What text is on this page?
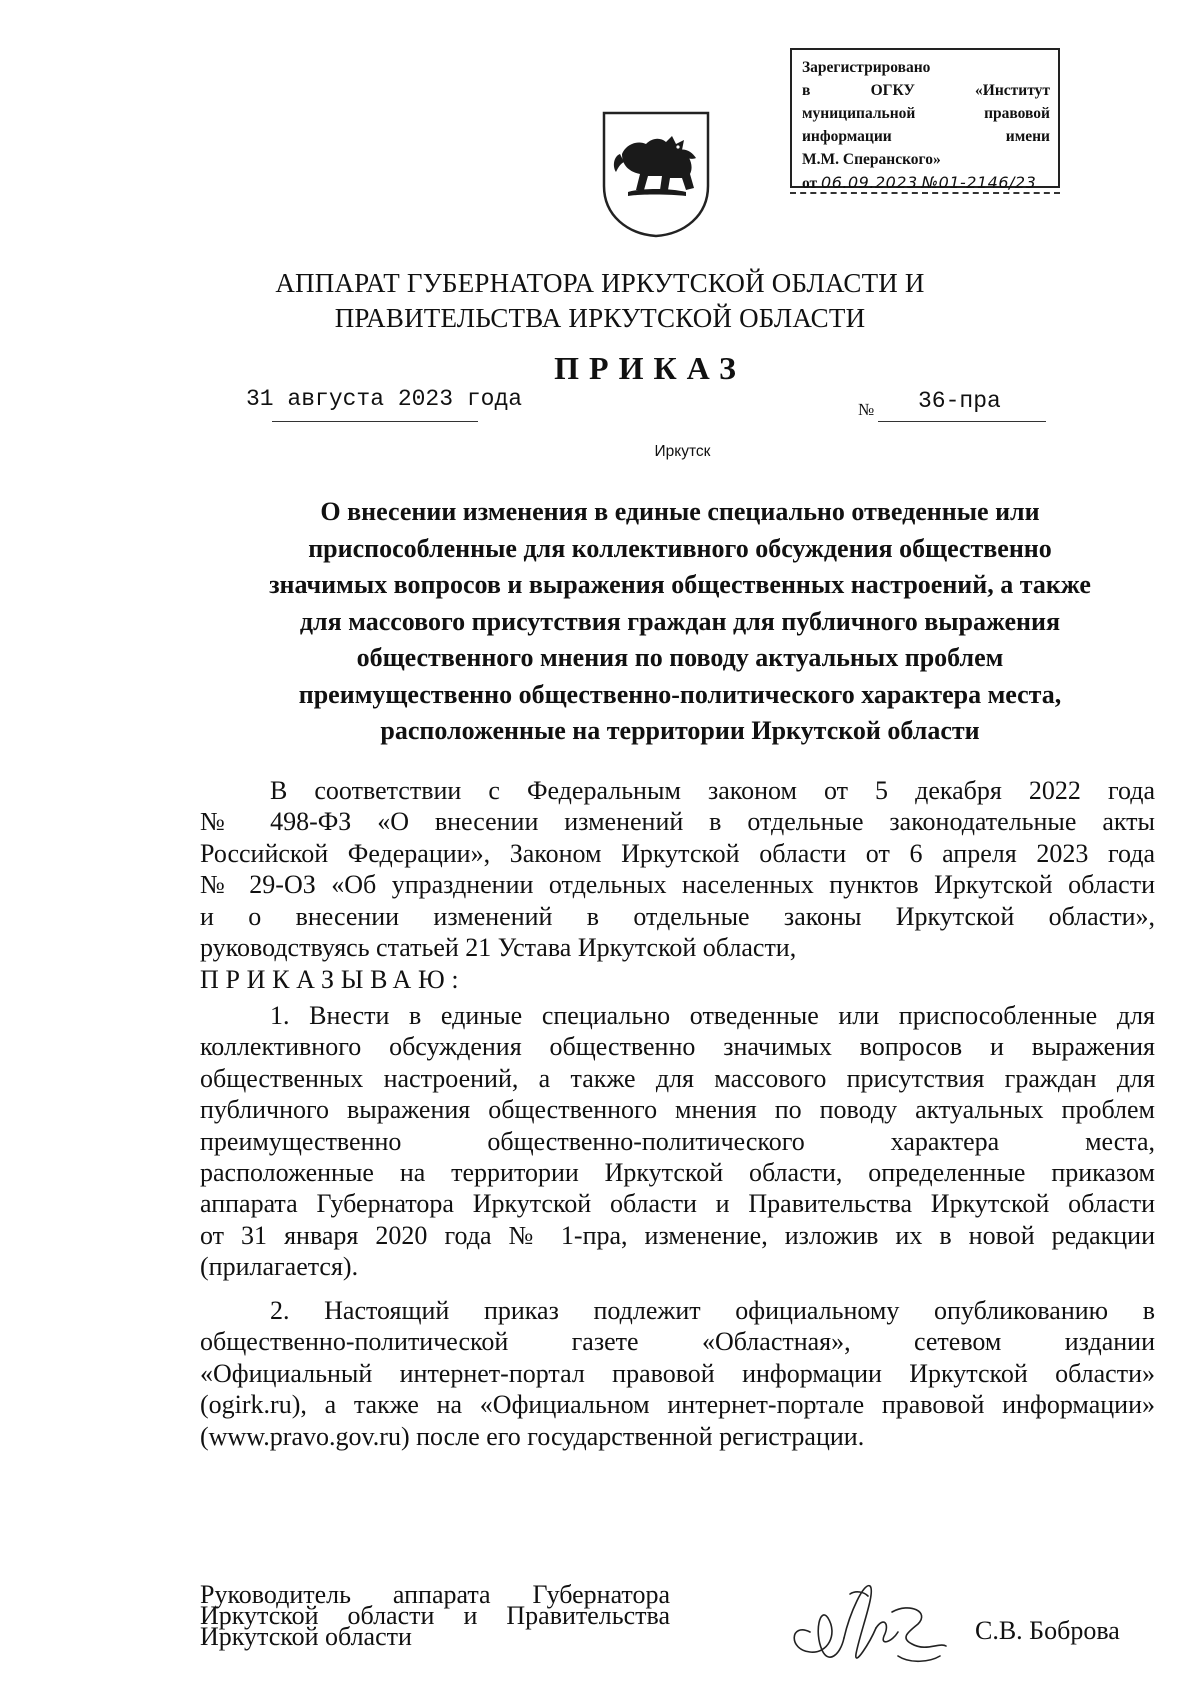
Зарегистрировано
в ОГКУ «Институт
муниципальной правовой
информации имени
М.М. Сперанского»
от 06.09.2023 №01-2146/23
АППАРАТ ГУБЕРНАТОРА ИРКУТСКОЙ ОБЛАСТИ И
ПРАВИТЕЛЬСТВА ИРКУТСКОЙ ОБЛАСТИ
ПРИКАЗ
31 августа 2023 года	№ 36-пра
Иркутск
О внесении изменения в единые специально отведенные или
приспособленные для коллективного обсуждения общественно
значимых вопросов и выражения общественных настроений, а также
для массового присутствия граждан для публичного выражения
общественного мнения по поводу актуальных проблем
преимущественно общественно-политического характера места,
расположенные на территории Иркутской области
В соответствии с Федеральным законом от 5 декабря 2022 года
№ 498-ФЗ «О внесении изменений в отдельные законодательные акты
Российской Федерации», Законом Иркутской области от 6 апреля 2023 года
№ 29-ОЗ «Об упразднении отдельных населенных пунктов Иркутской области
и о внесении изменений в отдельные законы Иркутской области»,
руководствуясь статьей 21 Устава Иркутской области,
ПРИКАЗЫВАЮ:
1. Внести в единые специально отведенные или приспособленные для
коллективного обсуждения общественно значимых вопросов и выражения
общественных настроений, а также для массового присутствия граждан для
публичного выражения общественного мнения по поводу актуальных проблем
преимущественно общественно-политического характера места,
расположенные на территории Иркутской области, определенные приказом
аппарата Губернатора Иркутской области и Правительства Иркутской области
от 31 января 2020 года № 1-пра, изменение, изложив их в новой редакции
(прилагается).
2. Настоящий приказ подлежит официальному опубликованию в
общественно-политической газете «Областная», сетевом издании
«Официальный интернет-портал правовой информации Иркутской области»
(ogirk.ru), а также на «Официальном интернет-портале правовой информации»
(www.pravo.gov.ru) после его государственной регистрации.
Руководитель аппарата Губернатора
Иркутской области и Правительства
Иркутской области	С.В. Боброва
